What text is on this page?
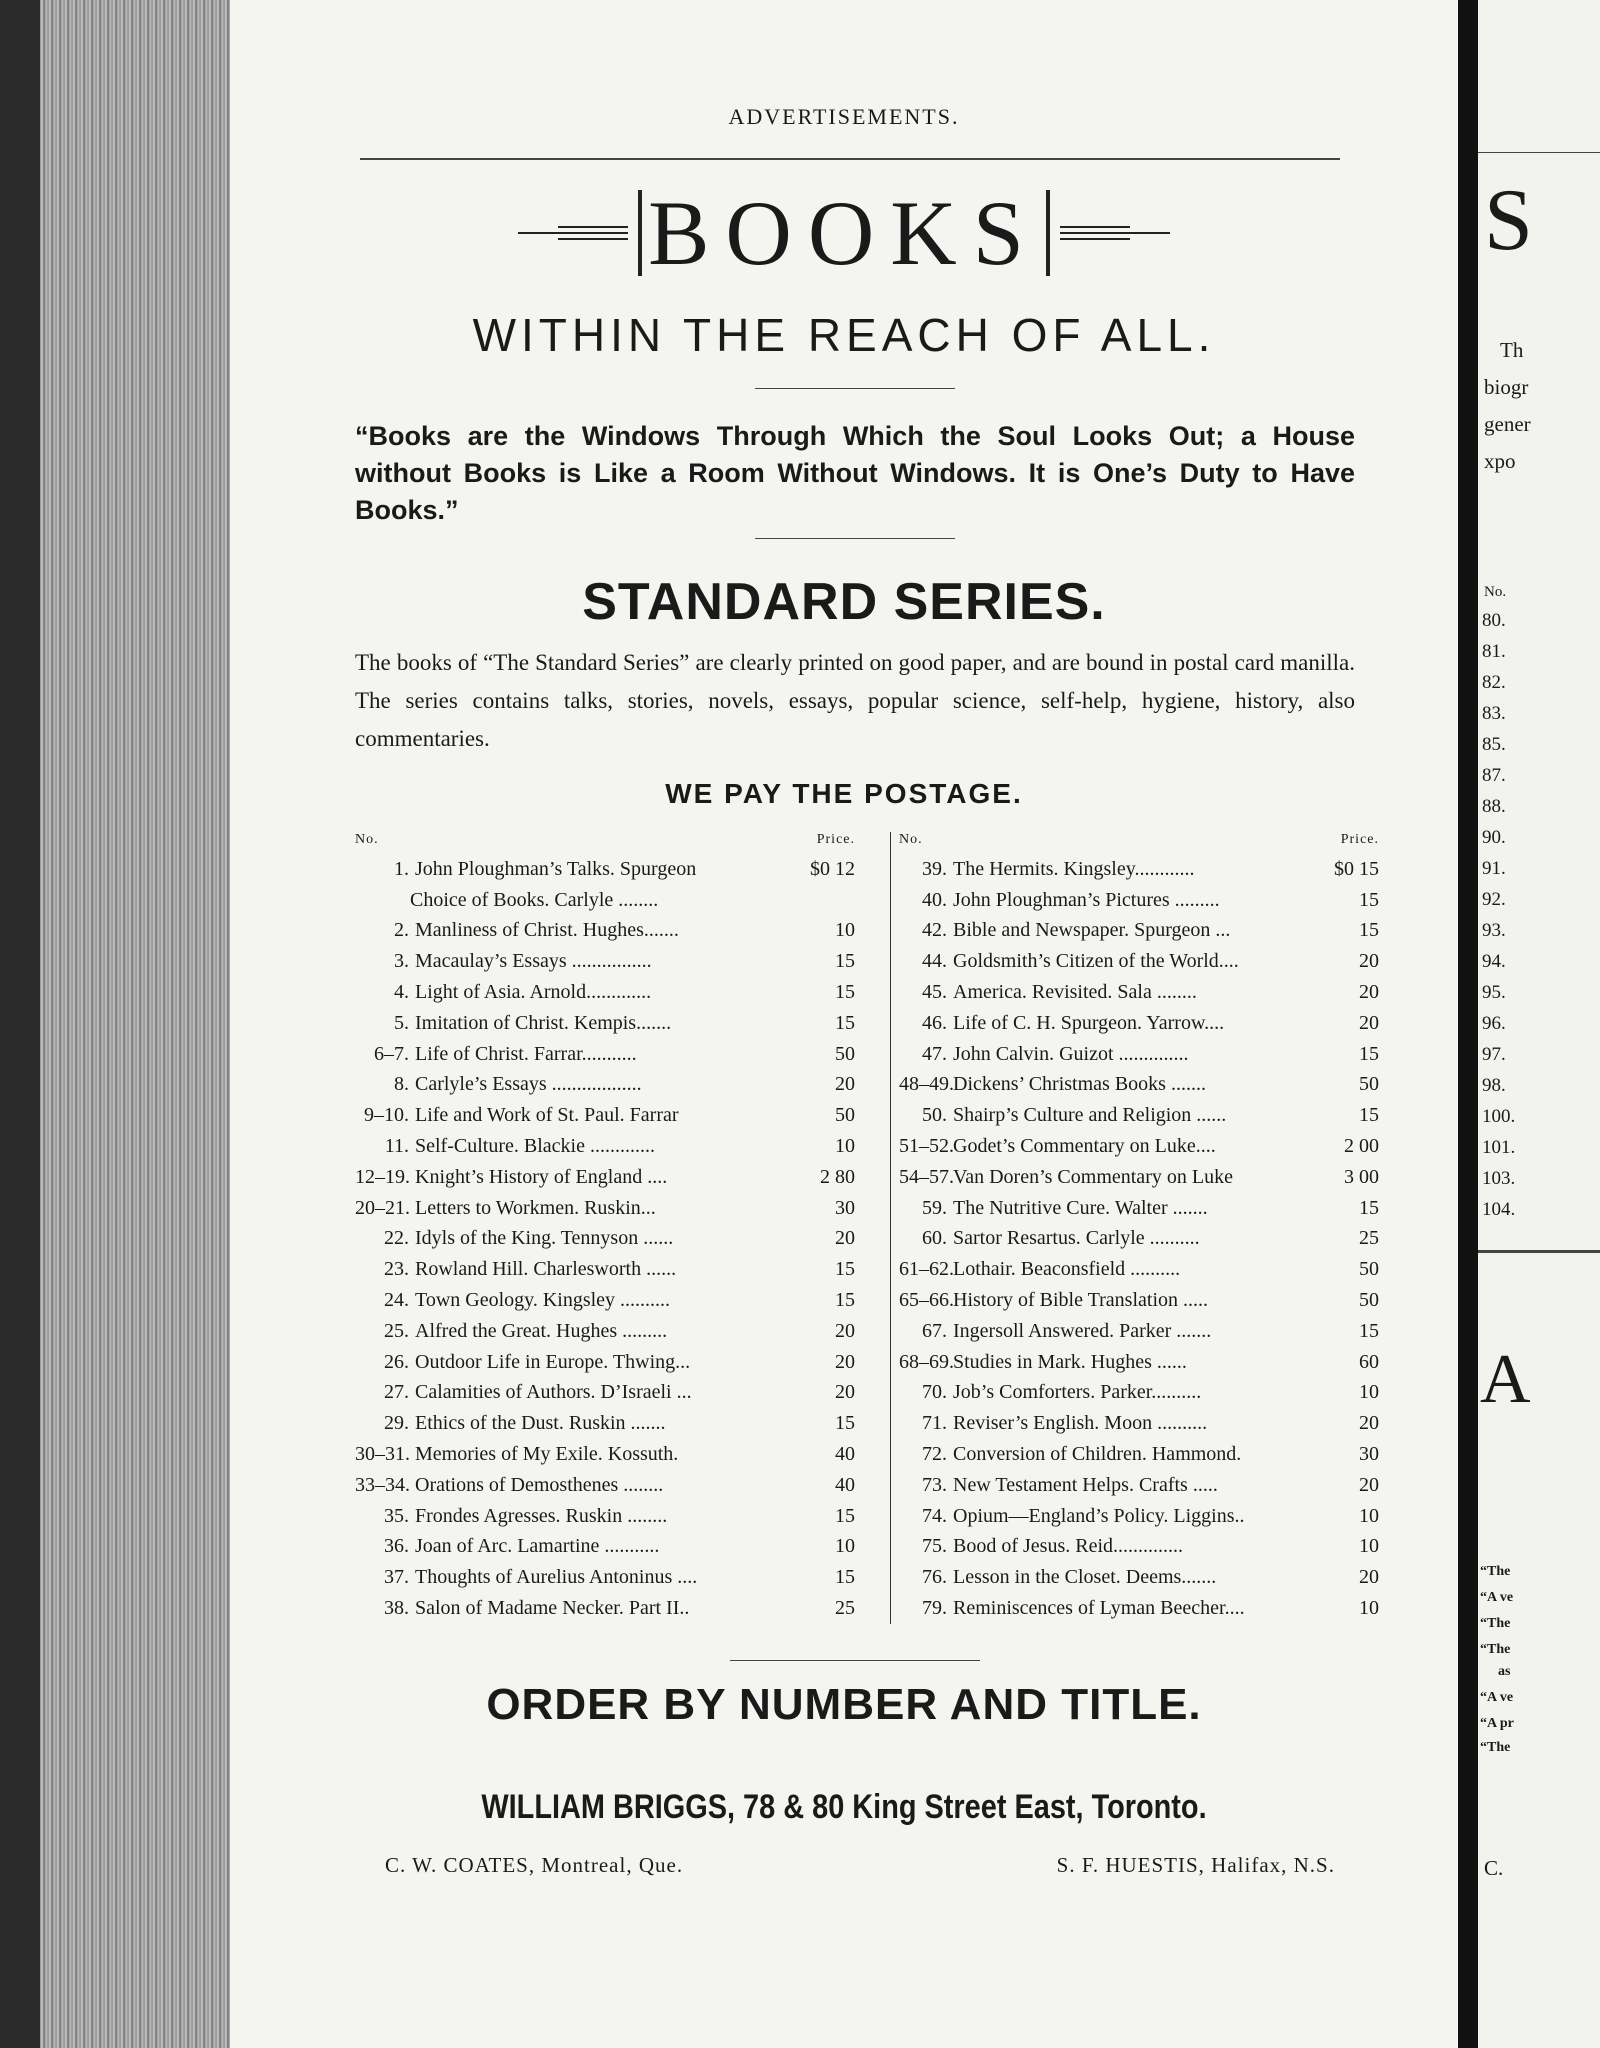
ADVERTISEMENTS.
BOOKS
WITHIN THE REACH OF ALL.
“Books are the Windows Through Which the Soul Looks Out; a House without Books is Like a Room Without Windows. It is One’s Duty to Have Books.”
STANDARD SERIES.
The books of “The Standard Series” are clearly printed on good paper, and are bound in postal card manilla. The series contains talks, stories, novels, essays, popular science, self-help, hygiene, history, also commentaries.
WE PAY THE POSTAGE.
No.	Price.
1. John Ploughman’s Talks. Spurgeon	$0 12
Choice of Books. Carlyle ........
2. Manliness of Christ. Hughes.......	10
3. Macaulay’s Essays ................	15
4. Light of Asia. Arnold.............	15
5. Imitation of Christ. Kempis.......	15
6–7. Life of Christ. Farrar...........	50
8. Carlyle’s Essays ..................	20
9–10. Life and Work of St. Paul. Farrar	50
11. Self-Culture. Blackie .............	10
12–19. Knight’s History of England ....	2 80
20–21. Letters to Workmen. Ruskin...	30
22. Idyls of the King. Tennyson ......	20
23. Rowland Hill. Charlesworth ......	15
24. Town Geology. Kingsley ..........	15
25. Alfred the Great. Hughes .........	20
26. Outdoor Life in Europe. Thwing...	20
27. Calamities of Authors. D’Israeli ...	20
29. Ethics of the Dust. Ruskin .......	15
30–31. Memories of My Exile. Kossuth.	40
33–34. Orations of Demosthenes ........	40
35. Frondes Agresses. Ruskin ........	15
36. Joan of Arc. Lamartine ...........	10
37. Thoughts of Aurelius Antoninus ....	15
38. Salon of Madame Necker. Part II..	25
No.	Price.
39. The Hermits. Kingsley............	$0 15
40. John Ploughman’s Pictures .........	15
42. Bible and Newspaper. Spurgeon ...	15
44. Goldsmith’s Citizen of the World....	20
45. America. Revisited. Sala ........	20
46. Life of C. H. Spurgeon. Yarrow....	20
47. John Calvin. Guizot ..............	15
48–49. Dickens’ Christmas Books .......	50
50. Shairp’s Culture and Religion ......	15
51–52. Godet’s Commentary on Luke....	2 00
54–57. Van Doren’s Commentary on Luke	3 00
59. The Nutritive Cure. Walter .......	15
60. Sartor Resartus. Carlyle ..........	25
61–62. Lothair. Beaconsfield ..........	50
65–66. History of Bible Translation .....	50
67. Ingersoll Answered. Parker .......	15
68–69. Studies in Mark. Hughes ......	60
70. Job’s Comforters. Parker..........	10
71. Reviser’s English. Moon ..........	20
72. Conversion of Children. Hammond.	30
73. New Testament Helps. Crafts .....	20
74. Opium—England’s Policy. Liggins..	10
75. Bood of Jesus. Reid..............	10
76. Lesson in the Closet. Deems.......	20
79. Reminiscences of Lyman Beecher....	10
ORDER BY NUMBER AND TITLE.
WILLIAM BRIGGS, 78 & 80 King Street East, Toronto.
C. W. COATES, Montreal, Que.	S. F. HUESTIS, Halifax, N.S.
S
Th
biogr
gener
xpo
No.
80.
81.
82.
83.
85.
87.
88.
90.
91.
92.
93.
94.
95.
96.
97.
98.
100.
101.
103.
104.
A
“The
“A ve
“The
“The
as
“A ve
“A pr
“The
C.
